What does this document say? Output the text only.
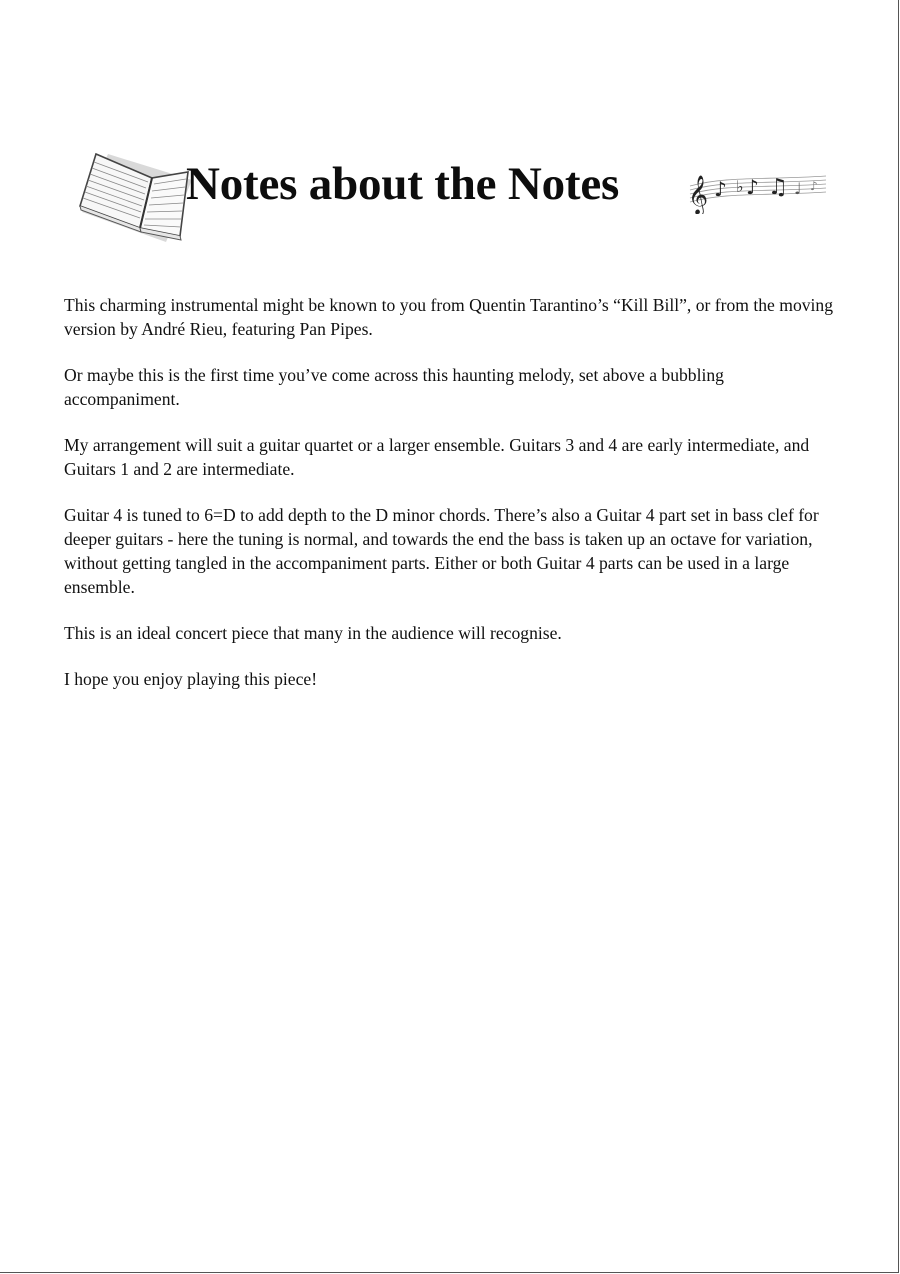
Notes about the Notes 𝄞 ♪ ♭ ♪ ♫ ♩ ♪

This charming instrumental might be known to you from Quentin Tarantino’s “Kill Bill”, or from the moving version by André Rieu, featuring Pan Pipes.

Or maybe this is the first time you’ve come across this haunting melody, set above a bubbling accompaniment.

My arrangement will suit a guitar quartet or a larger ensemble. Guitars 3 and 4 are early intermediate, and Guitars 1 and 2 are intermediate.

Guitar 4 is tuned to 6=D to add depth to the D minor chords. There’s also a Guitar 4 part set in bass clef for deeper guitars - here the tuning is normal, and towards the end the bass is taken up an octave for variation, without getting tangled in the accompaniment parts. Either or both Guitar 4 parts can be used in a large ensemble.

This is an ideal concert piece that many in the audience will recognise.

I hope you enjoy playing this piece!
